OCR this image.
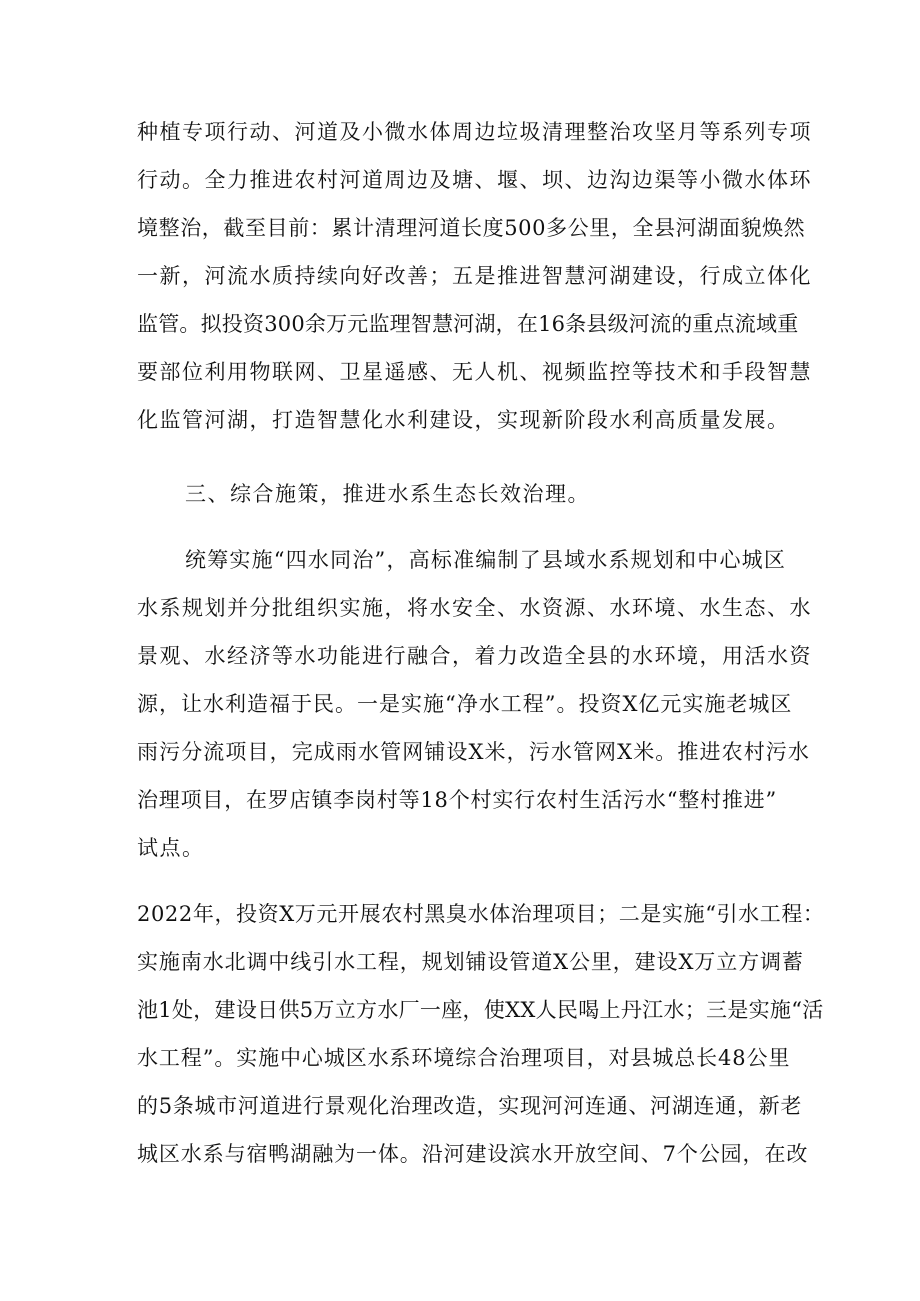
种植专项行动、河道及小微水体周边垃圾清理整治攻坚月等系列专项

行动。全力推进农村河道周边及塘、堰、坝、边沟边渠等小微水体环

境整治，截至目前：累计清理河道长度500多公里，全县河湖面貌焕然

一新，河流水质持续向好改善；五是推进智慧河湖建设，行成立体化

监管。拟投资300余万元监理智慧河湖，在16条县级河流的重点流域重

要部位利用物联网、卫星遥感、无人机、视频监控等技术和手段智慧

化监管河湖，打造智慧化水利建设，实现新阶段水利高质量发展。

三、综合施策，推进水系生态长效治理。

统筹实施“四水同治”，高标准编制了县域水系规划和中心城区

水系规划并分批组织实施，将水安全、水资源、水环境、水生态、水

景观、水经济等水功能进行融合，着力改造全县的水环境，用活水资

源，让水利造福于民。一是实施“净水工程”。投资X亿元实施老城区

雨污分流项目，完成雨水管网铺设X米，污水管网X米。推进农村污水

治理项目，在罗店镇李岗村等18个村实行农村生活污水“整村推进”

试点。

2022年，投资X万元开展农村黑臭水体治理项目；二是实施“引水工程：

实施南水北调中线引水工程，规划铺设管道X公里，建设X万立方调蓄

池1处，建设日供5万立方水厂一座，使XX人民喝上丹江水；三是实施“活

水工程”。实施中心城区水系环境综合治理项目，对县城总长48公里

的5条城市河道进行景观化治理改造，实现河河连通、河湖连通，新老

城区水系与宿鸭湖融为一体。沿河建设滨水开放空间、7个公园，在改
